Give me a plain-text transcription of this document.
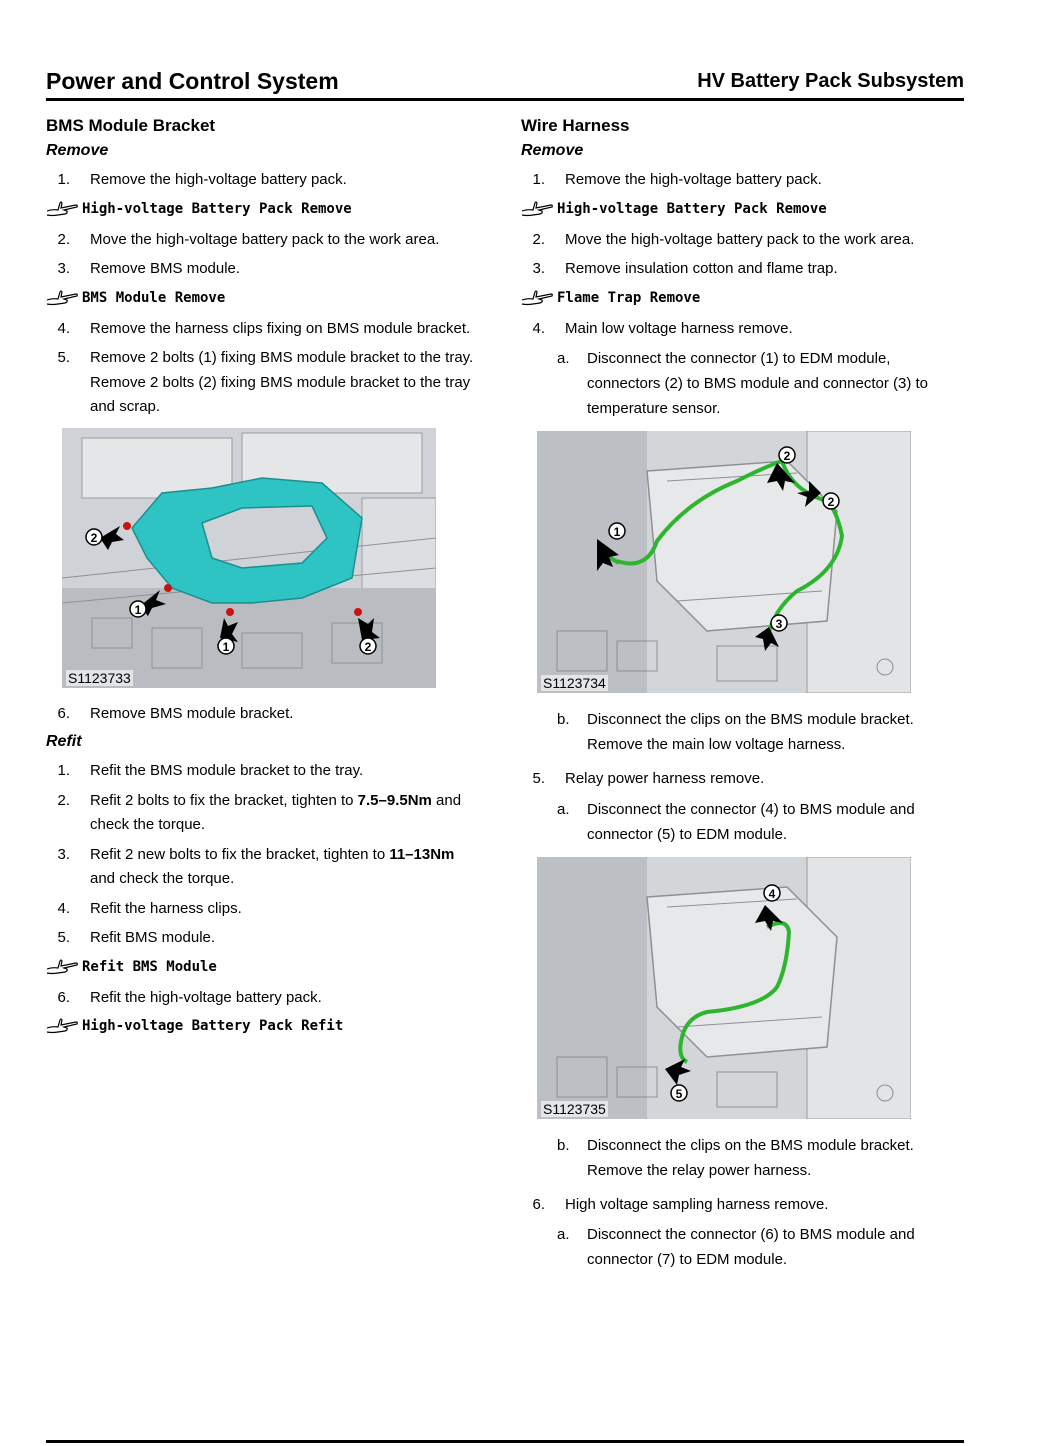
Power and Control System	HV Battery Pack Subsystem
BMS Module Bracket
Remove
1. Remove the high-voltage battery pack.
High-voltage Battery Pack Remove
2. Move the high-voltage battery pack to the work area.
3. Remove BMS module.
BMS Module Remove
4. Remove the harness clips fixing on BMS module bracket.
5. Remove 2 bolts (1) fixing BMS module bracket to the tray. Remove 2 bolts (2) fixing BMS module bracket to the tray and scrap.
2
1
1	2
S1123733
6. Remove BMS module bracket.
Refit
1. Refit the BMS module bracket to the tray.
2. Refit 2 bolts to fix the bracket, tighten to 7.5–9.5Nm and check the torque.
3. Refit 2 new bolts to fix the bracket, tighten to 11–13Nm and check the torque.
4. Refit the harness clips.
5. Refit BMS module.
Refit BMS Module
6. Refit the high-voltage battery pack.
High-voltage Battery Pack Refit
Wire Harness
Remove
1. Remove the high-voltage battery pack.
High-voltage Battery Pack Remove
2. Move the high-voltage battery pack to the work area.
3. Remove insulation cotton and flame trap.
Flame Trap Remove
4. Main low voltage harness remove.
a. Disconnect the connector (1) to EDM module, connectors (2) to BMS module and connector (3) to temperature sensor.
1
2
2
3
S1123734
b. Disconnect the clips on the BMS module bracket. Remove the main low voltage harness.
5. Relay power harness remove.
a. Disconnect the connector (4) to BMS module and connector (5) to EDM module.
4
5
S1123735
b. Disconnect the clips on the BMS module bracket. Remove the relay power harness.
6. High voltage sampling harness remove.
a. Disconnect the connector (6) to BMS module and connector (7) to EDM module.
